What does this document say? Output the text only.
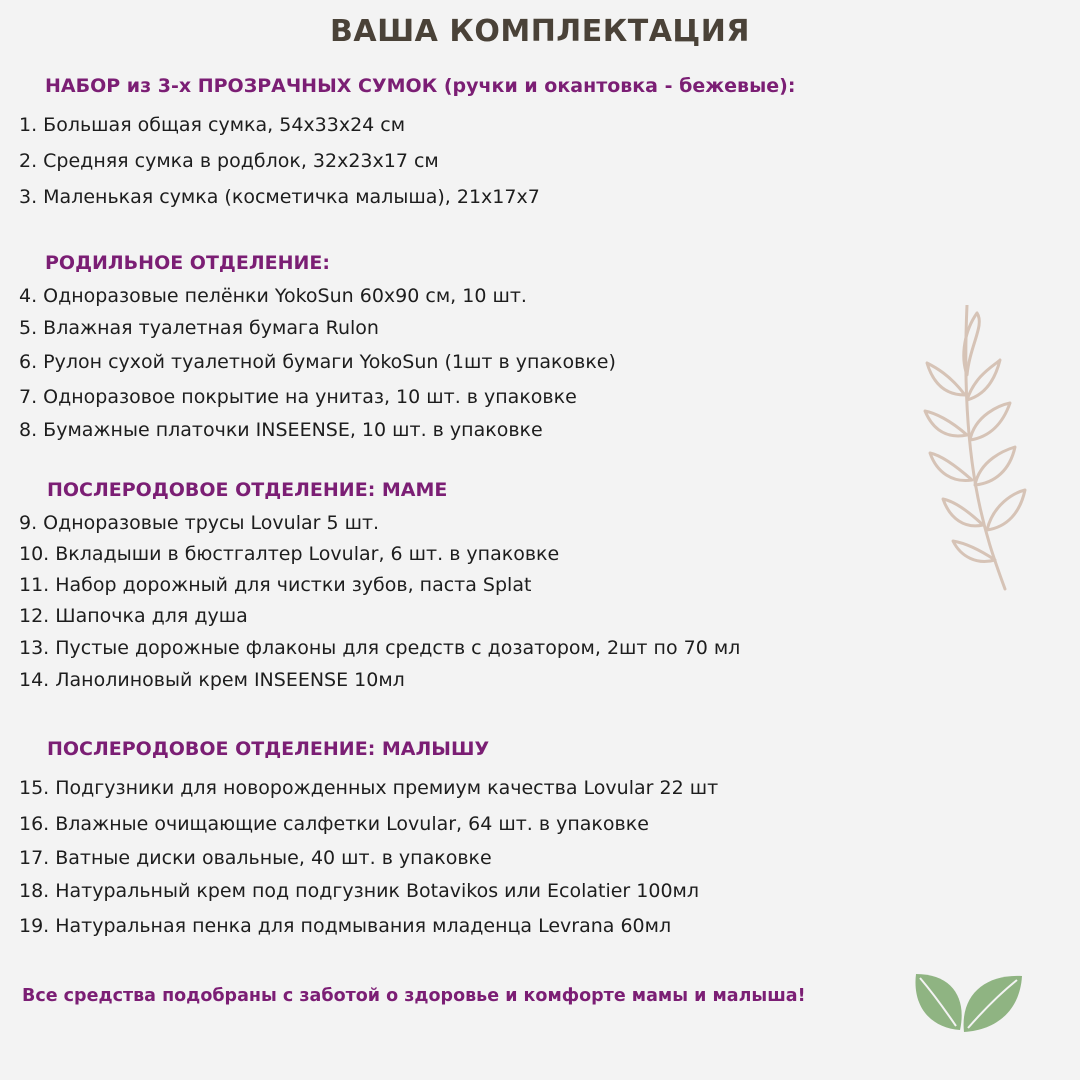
ВАША КОМПЛЕКТАЦИЯ
НАБОР из 3-х ПРОЗРАЧНЫХ СУМОК (ручки и окантовка - бежевые):
1. Большая общая сумка, 54х33х24 см
2. Средняя сумка в родблок, 32х23х17 см
3. Маленькая сумка (косметичка малыша), 21х17х7
РОДИЛЬНОЕ ОТДЕЛЕНИЕ:
4. Одноразовые пелёнки YokoSun 60х90 см, 10 шт.
5. Влажная туалетная бумага Rulon
6. Рулон сухой туалетной бумаги YokoSun (1шт в упаковке)
7. Одноразовое покрытие на унитаз, 10 шт. в упаковке
8. Бумажные платочки INSEENSE, 10 шт. в упаковке
ПОСЛЕРОДОВОЕ ОТДЕЛЕНИЕ: МАМЕ
9. Одноразовые трусы Lovular 5 шт.
10. Вкладыши в бюстгалтер Lovular, 6 шт. в упаковке
11. Набор дорожный для чистки зубов, паста Splat
12. Шапочка для душа
13. Пустые дорожные флаконы для средств с дозатором, 2шт по 70 мл
14. Ланолиновый крем INSEENSE 10мл
ПОСЛЕРОДОВОЕ ОТДЕЛЕНИЕ: МАЛЫШУ
15. Подгузники для новорожденных премиум качества Lovular 22 шт
16. Влажные очищающие салфетки Lovular, 64 шт. в упаковке
17. Ватные диски овальные, 40 шт. в упаковке
18. Натуральный крем под подгузник Botavikos или Ecolatier 100мл
19. Натуральная пенка для подмывания младенца Levrana 60мл
Все средства подобраны с заботой о здоровье и комфорте мамы и малыша!
